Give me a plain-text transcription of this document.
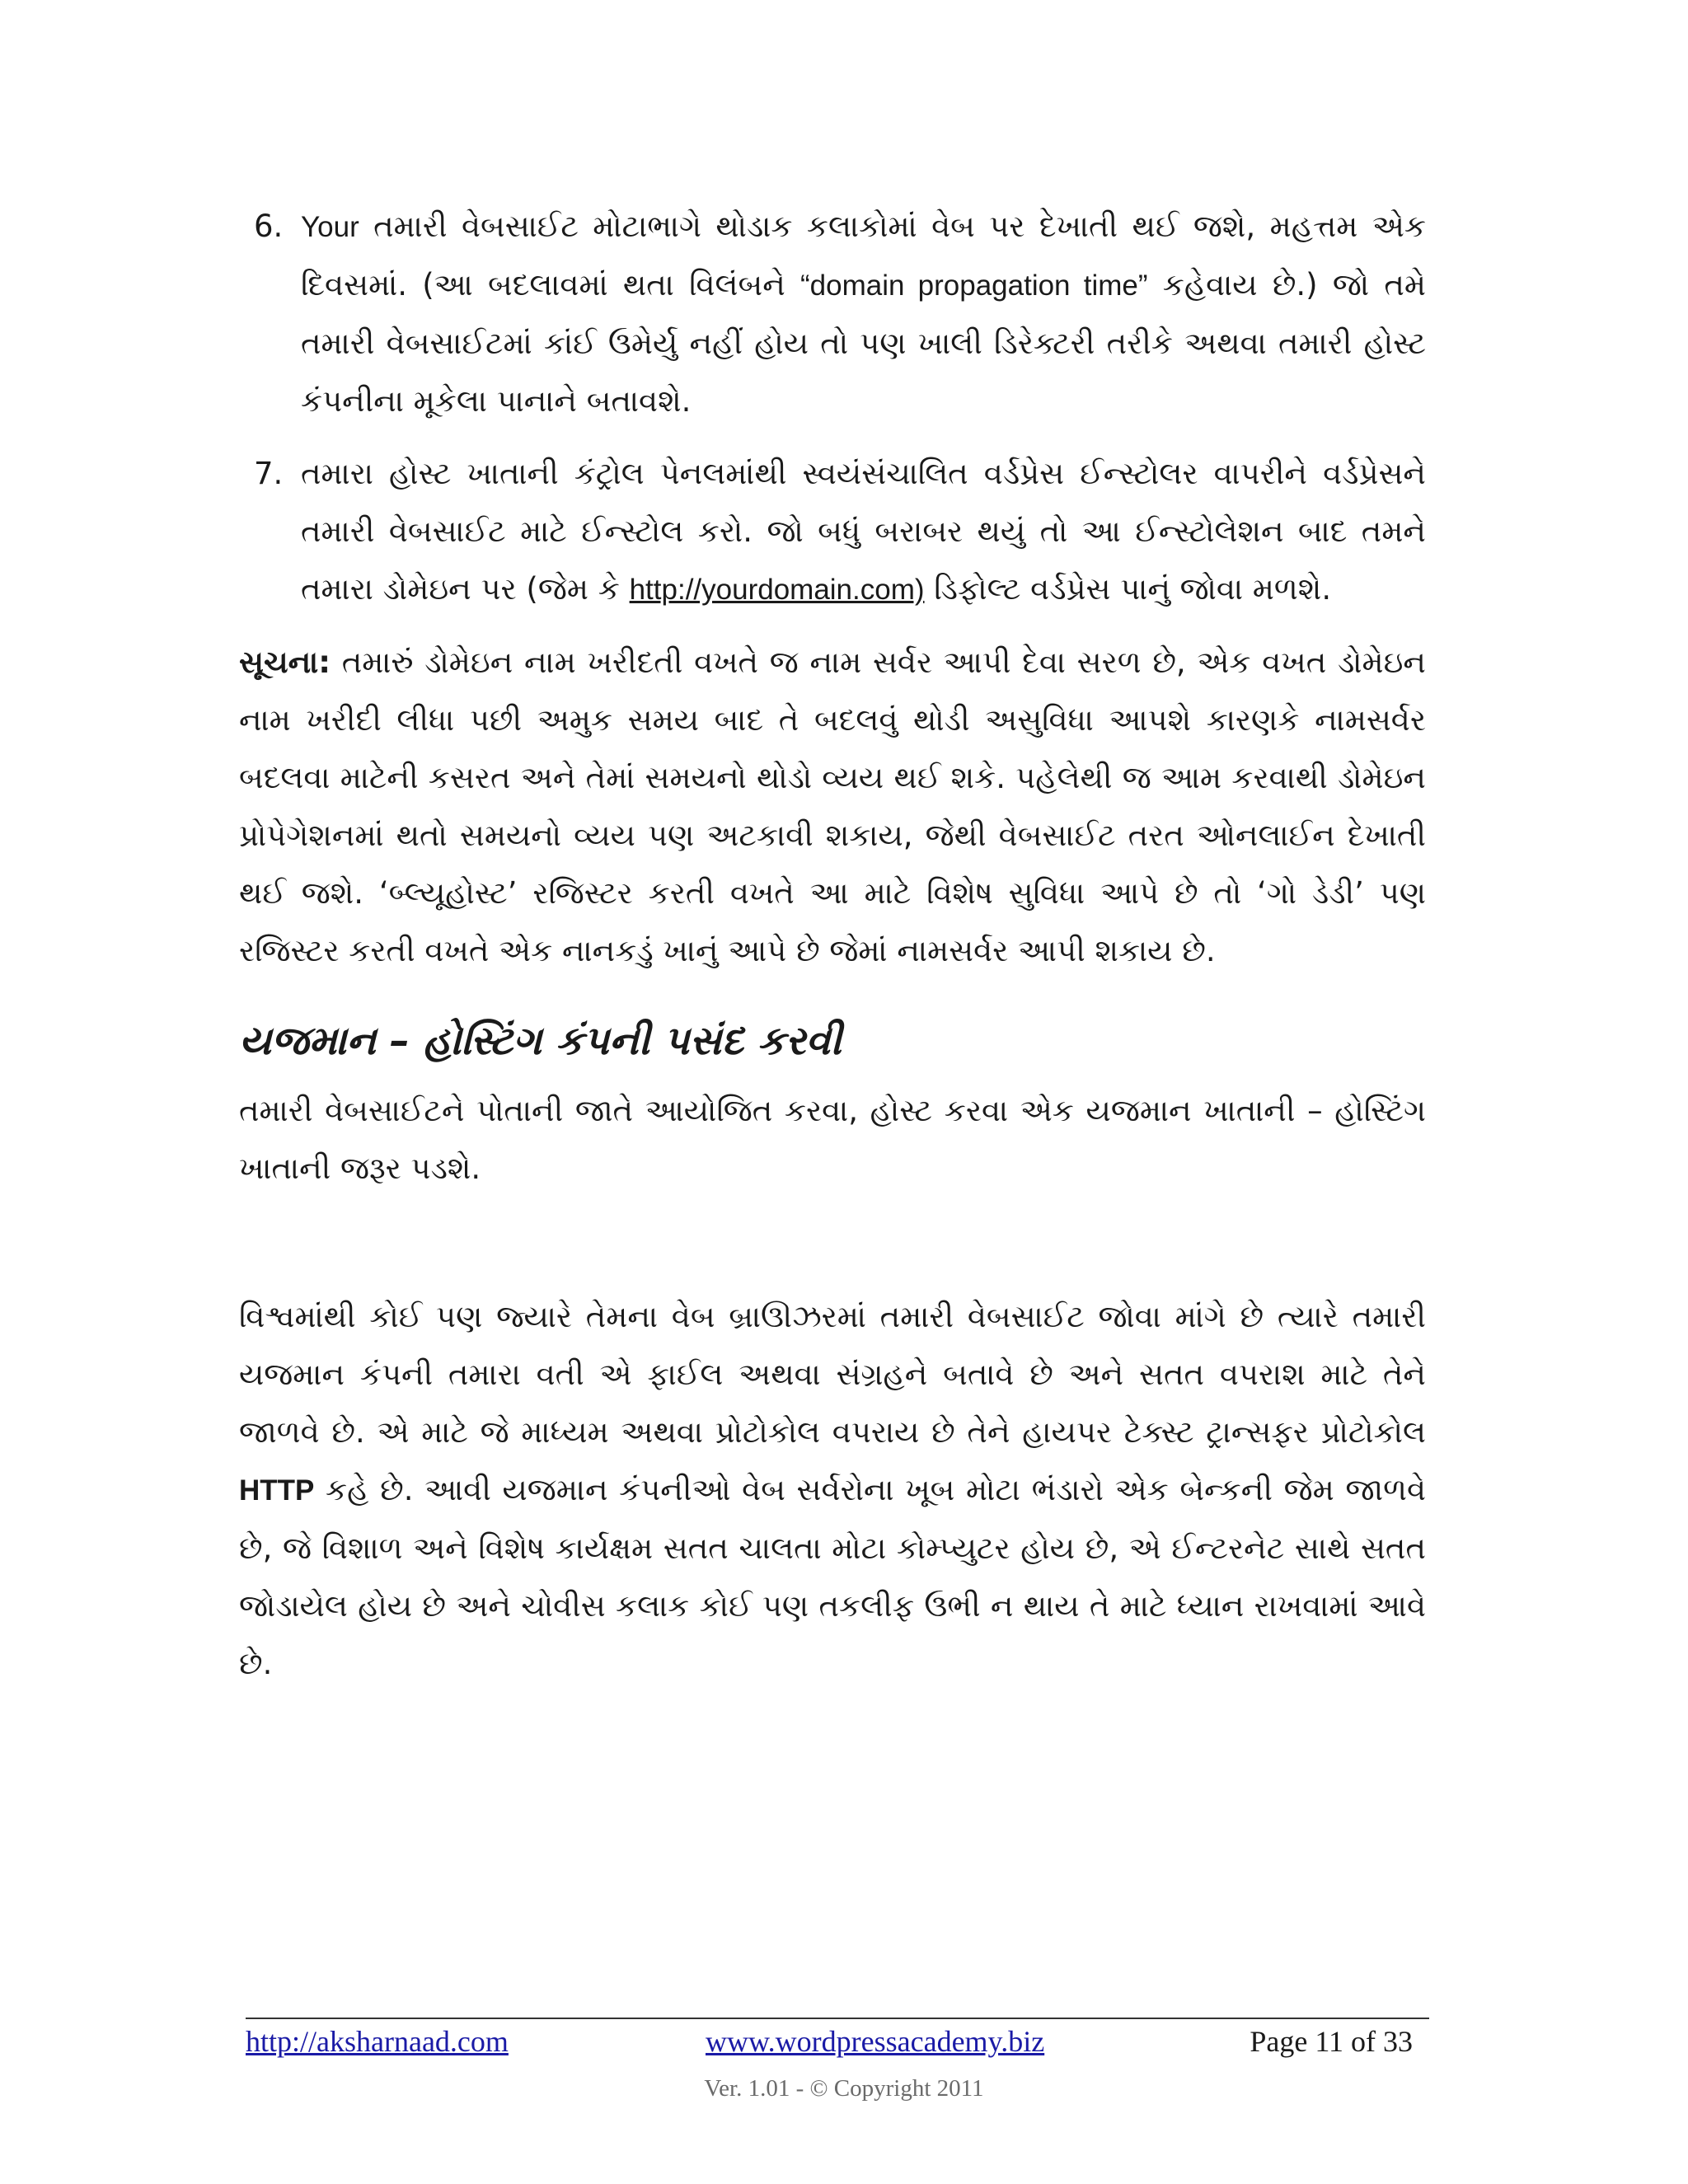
6. Your તમારી વેબસાઈટ મોટાભાગે થોડાક કલાકોમાં વેબ પર દેખાતી થઈ જશે, મહત્તમ એક દિવસમાં. (આ બદલાવમાં થતા વિલંબને “domain propagation time” કહેવાય છે.) જો તમે તમારી વેબસાઈટમાં કાંઈ ઉમેર્યુ નહીં હોય તો પણ ખાલી ડિરેક્ટરી તરીકે અથવા તમારી હોસ્ટ કંપનીના મૂકેલા પાનાને બતાવશે.
7. તમારા હોસ્ટ ખાતાની કંટ્રોલ પેનલમાંથી સ્વયંસંચાલિત વર્ડપ્રેસ ઈન્સ્ટોલર વાપરીને વર્ડપ્રેસને તમારી વેબસાઈટ માટે ઈન્સ્ટોલ કરો. જો બધું બરાબર થયું તો આ ઈન્સ્ટોલેશન બાદ તમને તમારા ડોમેઇન પર (જેમ કે http://yourdomain.com) ડિફોલ્ટ વર્ડપ્રેસ પાનું જોવા મળશે.

સૂચના: તમારું ડોમેઇન નામ ખરીદતી વખતે જ નામ સર્વર આપી દેવા સરળ છે, એક વખત ડોમેઇન નામ ખરીદી લીધા પછી અમુક સમય બાદ તે બદલવું થોડી અસુવિધા આપશે કારણકે નામસર્વર બદલવા માટેની કસરત અને તેમાં સમયનો થોડો વ્યય થઈ શકે. પહેલેથી જ આમ કરવાથી ડોમેઇન પ્રોપેગેશનમાં થતો સમયનો વ્યય પણ અટકાવી શકાય, જેથી વેબસાઈટ તરત ઓનલાઈન દેખાતી થઈ જશે. ‘બ્લ્યૂહોસ્ટ’ રજિસ્ટર કરતી વખતે આ માટે વિશેષ સુવિધા આપે છે તો ‘ગો ડેડી’ પણ રજિસ્ટર કરતી વખતે એક નાનકડું ખાનું આપે છે જેમાં નામસર્વર આપી શકાય છે.

યજમાન – હોસ્ટિંગ કંપની પસંદ કરવી

તમારી વેબસાઈટને પોતાની જાતે આયોજિત કરવા, હોસ્ટ કરવા એક યજમાન ખાતાની – હોસ્ટિંગ ખાતાની જરૂર પડશે.

વિશ્વમાંથી કોઈ પણ જ્યારે તેમના વેબ બ્રાઊઝરમાં તમારી વેબસાઈટ જોવા માંગે છે ત્યારે તમારી યજમાન કંપની તમારા વતી એ ફાઈલ અથવા સંગ્રહને બતાવે છે અને સતત વપરાશ માટે તેને જાળવે છે. એ માટે જે માધ્યમ અથવા પ્રોટોકોલ વપરાય છે તેને હાયપર ટેક્સ્ટ ટ્રાન્સફર પ્રોટોકોલ HTTP કહે છે. આવી યજમાન કંપનીઓ વેબ સર્વરોના ખૂબ મોટા ભંડારો એક બેન્કની જેમ જાળવે છે, જે વિશાળ અને વિશેષ કાર્યક્ષમ સતત ચાલતા મોટા કોમ્પ્યુટર હોય છે, એ ઈન્ટરનેટ સાથે સતત જોડાયેલ હોય છે અને ચોવીસ કલાક કોઈ પણ તકલીફ ઉભી ન થાય તે માટે ધ્યાન રાખવામાં આવે છે.

http://aksharnaad.com	www.wordpressacademy.biz	Page 11 of 33
Ver. 1.01 - © Copyright 2011
